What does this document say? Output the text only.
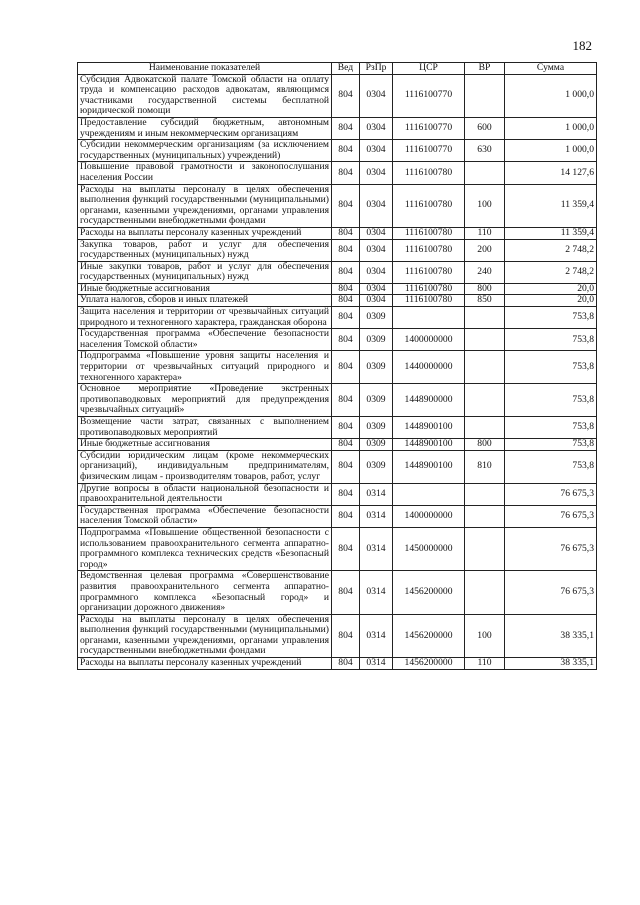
182
Наименование показателей	Вед	РзПр	ЦСР	ВР	Сумма
Субсидия Адвокатской палате Томской области на оплату труда и компенсацию расходов адвокатам, являющимся участниками государственной системы бесплатной юридической помощи	804	0304	1116100770		1 000,0
Предоставление субсидий бюджетным, автономным учреждениям и иным некоммерческим организациям	804	0304	1116100770	600	1 000,0
Субсидии некоммерческим организациям (за исключением государственных (муниципальных) учреждений)	804	0304	1116100770	630	1 000,0
Повышение правовой грамотности и законопослушания населения России	804	0304	1116100780		14 127,6
Расходы на выплаты персоналу в целях обеспечения выполнения функций государственными (муниципальными) органами, казенными учреждениями, органами управления государственными внебюджетными фондами	804	0304	1116100780	100	11 359,4
Расходы на выплаты персоналу казенных учреждений	804	0304	1116100780	110	11 359,4
Закупка товаров, работ и услуг для обеспечения государственных (муниципальных) нужд	804	0304	1116100780	200	2 748,2
Иные закупки товаров, работ и услуг для обеспечения государственных (муниципальных) нужд	804	0304	1116100780	240	2 748,2
Иные бюджетные ассигнования	804	0304	1116100780	800	20,0
Уплата налогов, сборов и иных платежей	804	0304	1116100780	850	20,0
Защита населения и территории от чрезвычайных ситуаций природного и техногенного характера, гражданская оборона	804	0309			753,8
Государственная программа «Обеспечение безопасности населения Томской области»	804	0309	1400000000		753,8
Подпрограмма «Повышение уровня защиты населения и территории от чрезвычайных ситуаций природного и техногенного характера»	804	0309	1440000000		753,8
Основное мероприятие «Проведение экстренных противопаводковых мероприятий для предупреждения чрезвычайных ситуаций»	804	0309	1448900000		753,8
Возмещение части затрат, связанных с выполнением противопаводковых мероприятий	804	0309	1448900100		753,8
Иные бюджетные ассигнования	804	0309	1448900100	800	753,8
Субсидии юридическим лицам (кроме некоммерческих организаций), индивидуальным предпринимателям, физическим лицам - производителям товаров, работ, услуг	804	0309	1448900100	810	753,8
Другие вопросы в области национальной безопасности и правоохранительной деятельности	804	0314			76 675,3
Государственная программа «Обеспечение безопасности населения Томской области»	804	0314	1400000000		76 675,3
Подпрограмма «Повышение общественной безопасности с использованием правоохранительного сегмента аппаратно-программного комплекса технических средств «Безопасный город»	804	0314	1450000000		76 675,3
Ведомственная целевая программа «Совершенствование развития правоохранительного сегмента аппаратно-программного комплекса «Безопасный город» и организации дорожного движения»	804	0314	1456200000		76 675,3
Расходы на выплаты персоналу в целях обеспечения выполнения функций государственными (муниципальными) органами, казенными учреждениями, органами управления государственными внебюджетными фондами	804	0314	1456200000	100	38 335,1
Расходы на выплаты персоналу казенных учреждений	804	0314	1456200000	110	38 335,1
